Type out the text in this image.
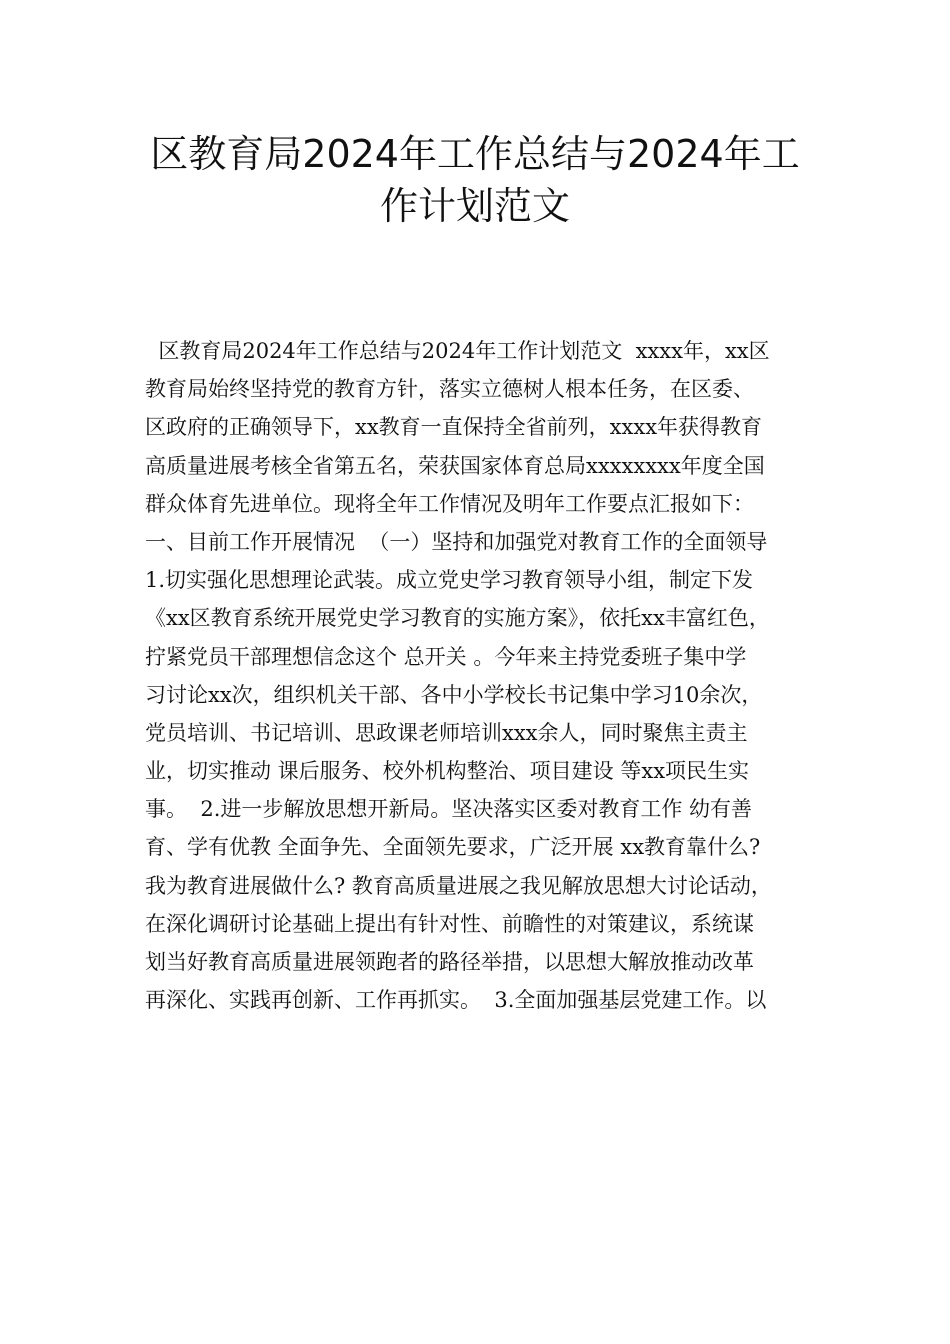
区教育局2024年工作总结与2024年工
作计划范文
区教育局2024年工作总结与2024年工作计划范文  xxxx年，xx区
教育局始终坚持党的教育方针，落实立德树人根本任务，在区委、
区政府的正确领导下，xx教育一直保持全省前列，xxxx年获得教育
高质量进展考核全省第五名，荣获国家体育总局xxxxxxxx年度全国
群众体育先进单位。现将全年工作情况及明年工作要点汇报如下：
一、目前工作开展情况  （一）坚持和加强党对教育工作的全面领导
1.切实强化思想理论武装。成立党史学习教育领导小组，制定下发
《xx区教育系统开展党史学习教育的实施方案》，依托xx丰富红色，
拧紧党员干部理想信念这个 总开关 。今年来主持党委班子集中学
习讨论xx次，组织机关干部、各中小学校长书记集中学习10余次，
党员培训、书记培训、思政课老师培训xxx余人，同时聚焦主责主
业，切实推动 课后服务、校外机构整治、项目建设 等xx项民生实
事。  2.进一步解放思想开新局。坚决落实区委对教育工作 幼有善
育、学有优教 全面争先、全面领先要求，广泛开展 xx教育靠什么?
我为教育进展做什么? 教育高质量进展之我见解放思想大讨论话动，
在深化调研讨论基础上提出有针对性、前瞻性的对策建议，系统谋
划当好教育高质量进展领跑者的路径举措，以思想大解放推动改革
再深化、实践再创新、工作再抓实。  3.全面加强基层党建工作。以
